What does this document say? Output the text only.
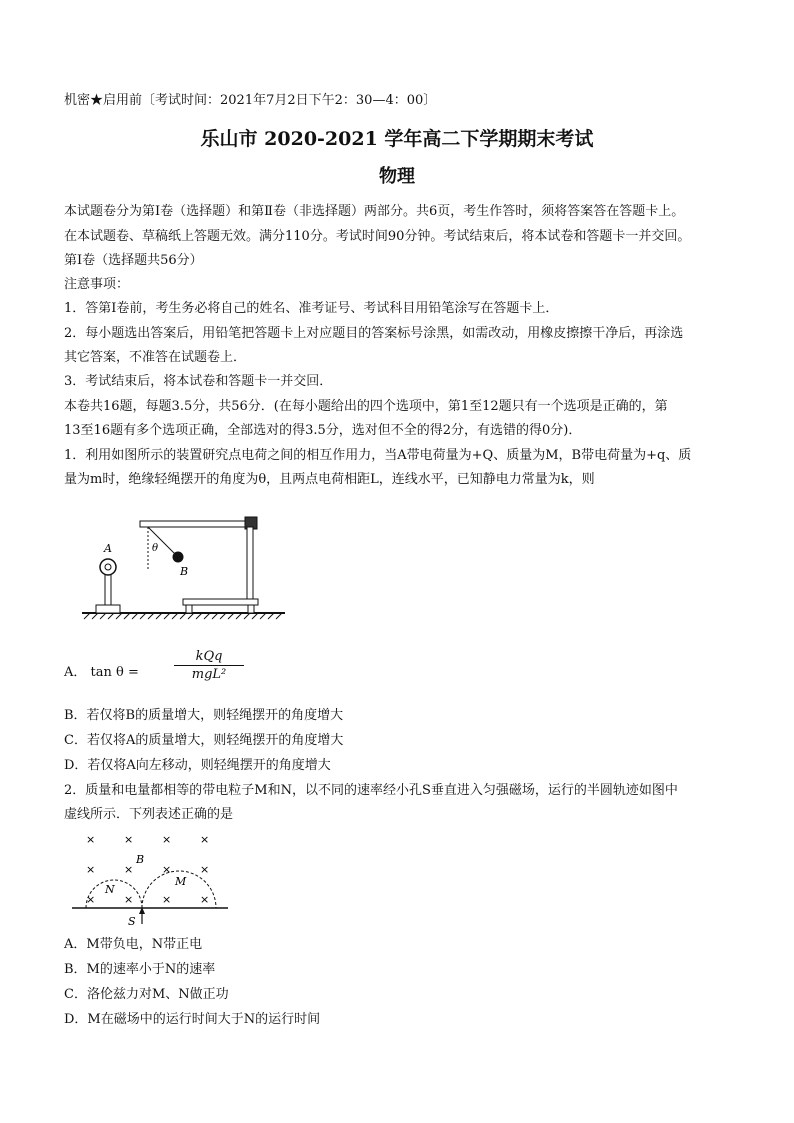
机密★启用前〔考试时间：2021年7月2日下午2：30—4：00〕
乐山市 2020-2021 学年高二下学期期末考试
物理
本试题卷分为第Ⅰ卷（选择题）和第Ⅱ卷（非选择题）两部分。共6页，考生作答时，须将答案答在答题卡上。
在本试题卷、草稿纸上答题无效。满分110分。考试时间90分钟。考试结束后，将本试卷和答题卡一并交回。
第Ⅰ卷（选择题共56分）
注意事项：
1．答第Ⅰ卷前，考生务必将自己的姓名、准考证号、考试科目用铅笔涂写在答题卡上．
2．每小题选出答案后，用铅笔把答题卡上对应题目的答案标号涂黑，如需改动，用橡皮擦擦干净后，再涂选
其它答案，不准答在试题卷上．
3．考试结束后，将本试卷和答题卡一并交回．
本卷共16题，每题3.5分，共56分．(在每小题给出的四个选项中，第1至12题只有一个选项是正确的，第
13至16题有多个选项正确，全部选对的得3.5分，选对但不全的得2分，有选错的得0分)．
1．利用如图所示的装置研究点电荷之间的相互作用力，当A带电荷量为+Q、质量为M，B带电荷量为+q、质
量为m时，绝缘轻绳摆开的角度为θ，且两点电荷相距L，连线水平，已知静电力常量为k，则
A	θ
B
A． tan θ =
kQq
mgL²
B．若仅将B的质量增大，则轻绳摆开的角度增大
C．若仅将A的质量增大，则轻绳摆开的角度增大
D．若仅将A向左移动，则轻绳摆开的角度增大
2．质量和电量都相等的带电粒子M和N，以不同的速率经小孔S垂直进入匀强磁场，运行的半圆轨迹如图中
虚线所示．下列表述正确的是
×	×	×	×
×	×	×	×
×	×	×	×
B
N
M
S
A．M带负电，N带正电
B．M的速率小于N的速率
C．洛伦兹力对M、N做正功
D．M在磁场中的运行时间大于N的运行时间
